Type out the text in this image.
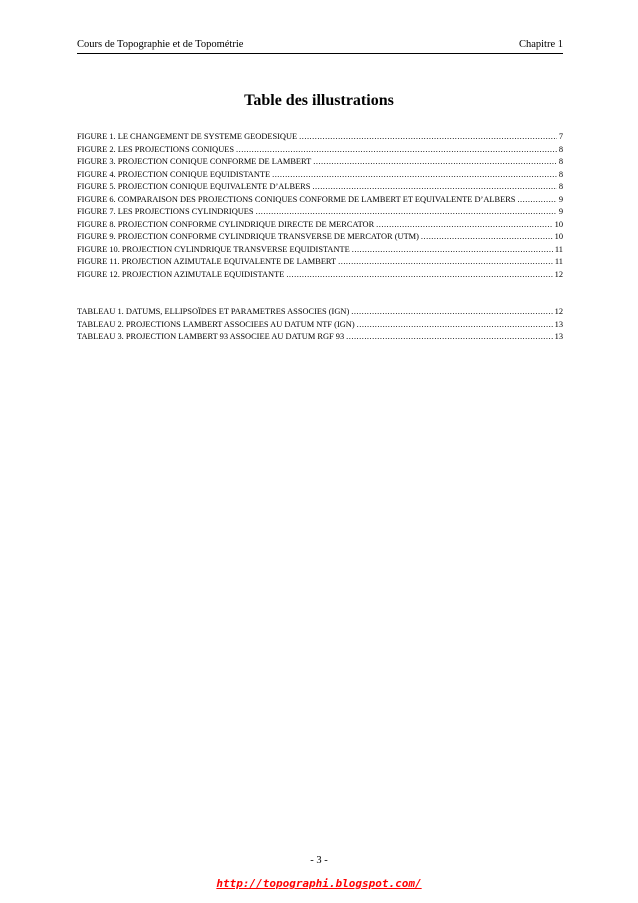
Cours de Topographie et de Topométrie	Chapitre 1
Table des illustrations
FIGURE 1. LE CHANGEMENT DE SYSTEME GEODESIQUE .....	7
FIGURE 2. LES PROJECTIONS CONIQUES .....	8
FIGURE 3. PROJECTION CONIQUE CONFORME DE LAMBERT .....	8
FIGURE 4. PROJECTION CONIQUE EQUIDISTANTE .....	8
FIGURE 5. PROJECTION CONIQUE EQUIVALENTE D’ALBERS .....	8
FIGURE 6. COMPARAISON DES PROJECTIONS CONIQUES CONFORME DE LAMBERT ET EQUIVALENTE D’ALBERS .....	9
FIGURE 7. LES PROJECTIONS CYLINDRIQUES .....	9
FIGURE 8. PROJECTION CONFORME CYLINDRIQUE DIRECTE DE MERCATOR .....	10
FIGURE 9. PROJECTION CONFORME CYLINDRIQUE TRANSVERSE DE MERCATOR (UTM) .....	10
FIGURE 10. PROJECTION CYLINDRIQUE TRANSVERSE EQUIDISTANTE .....	11
FIGURE 11. PROJECTION AZIMUTALE EQUIVALENTE DE LAMBERT .....	11
FIGURE 12. PROJECTION AZIMUTALE EQUIDISTANTE .....	12
TABLEAU 1. DATUMS, ELLIPSOÏDES ET PARAMETRES ASSOCIES (IGN) .....	12
TABLEAU 2. PROJECTIONS LAMBERT ASSOCIEES AU DATUM NTF (IGN) .....	13
TABLEAU 3. PROJECTION LAMBERT 93 ASSOCIEE AU DATUM RGF 93 .....	13
- 3 -
http://topographi.blogspot.com/
